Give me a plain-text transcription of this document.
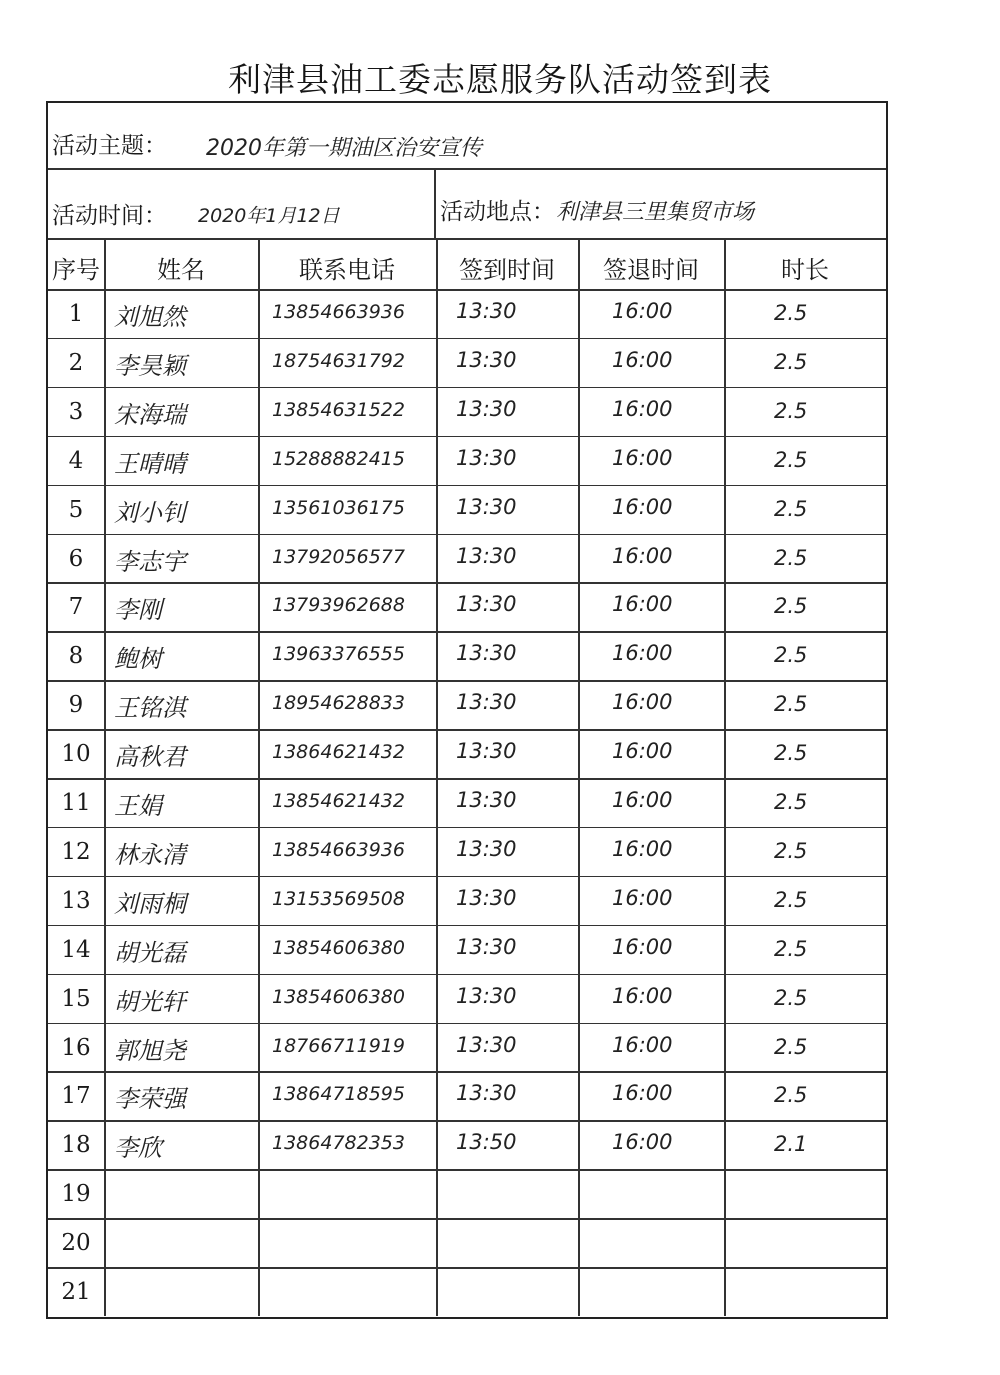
利津县油工委志愿服务队活动签到表
活动主题： 2020年第一期油区治安宣传
活动时间： 2020年1月12日	活动地点： 利津县三里集贸市场
序号	姓名	联系电话	签到时间	签退时间	时长
1	刘旭然	13854663936 13:30	16:00	2.5
2	李昊颖	18754631792 13:30	16:00	2.5
3	宋海瑞	13854631522 13:30	16:00	2.5
4	王晴晴	15288882415 13:30	16:00	2.5
5	刘小钊	13561036175 13:30	16:00	2.5
6	李志宇	13792056577 13:30	16:00	2.5
7	李刚	13793962688 13:30	16:00	2.5
8	鲍树	13963376555 13:30	16:00	2.5
9	王铭淇	18954628833 13:30	16:00	2.5
10 高秋君	13864621432 13:30	16:00	2.5
11 王娟	13854621432 13:30	16:00	2.5
12 林永清	13854663936 13:30	16:00	2.5
13 刘雨桐	13153569508 13:30	16:00	2.5
14 胡光磊	13854606380 13:30	16:00	2.5
15 胡光轩	13854606380 13:30	16:00	2.5
16 郭旭尧	18766711919 13:30	16:00	2.5
17 李荣强	13864718595 13:30	16:00	2.5
18 李欣	13864782353 13:50	16:00	2.1
19
20
21
